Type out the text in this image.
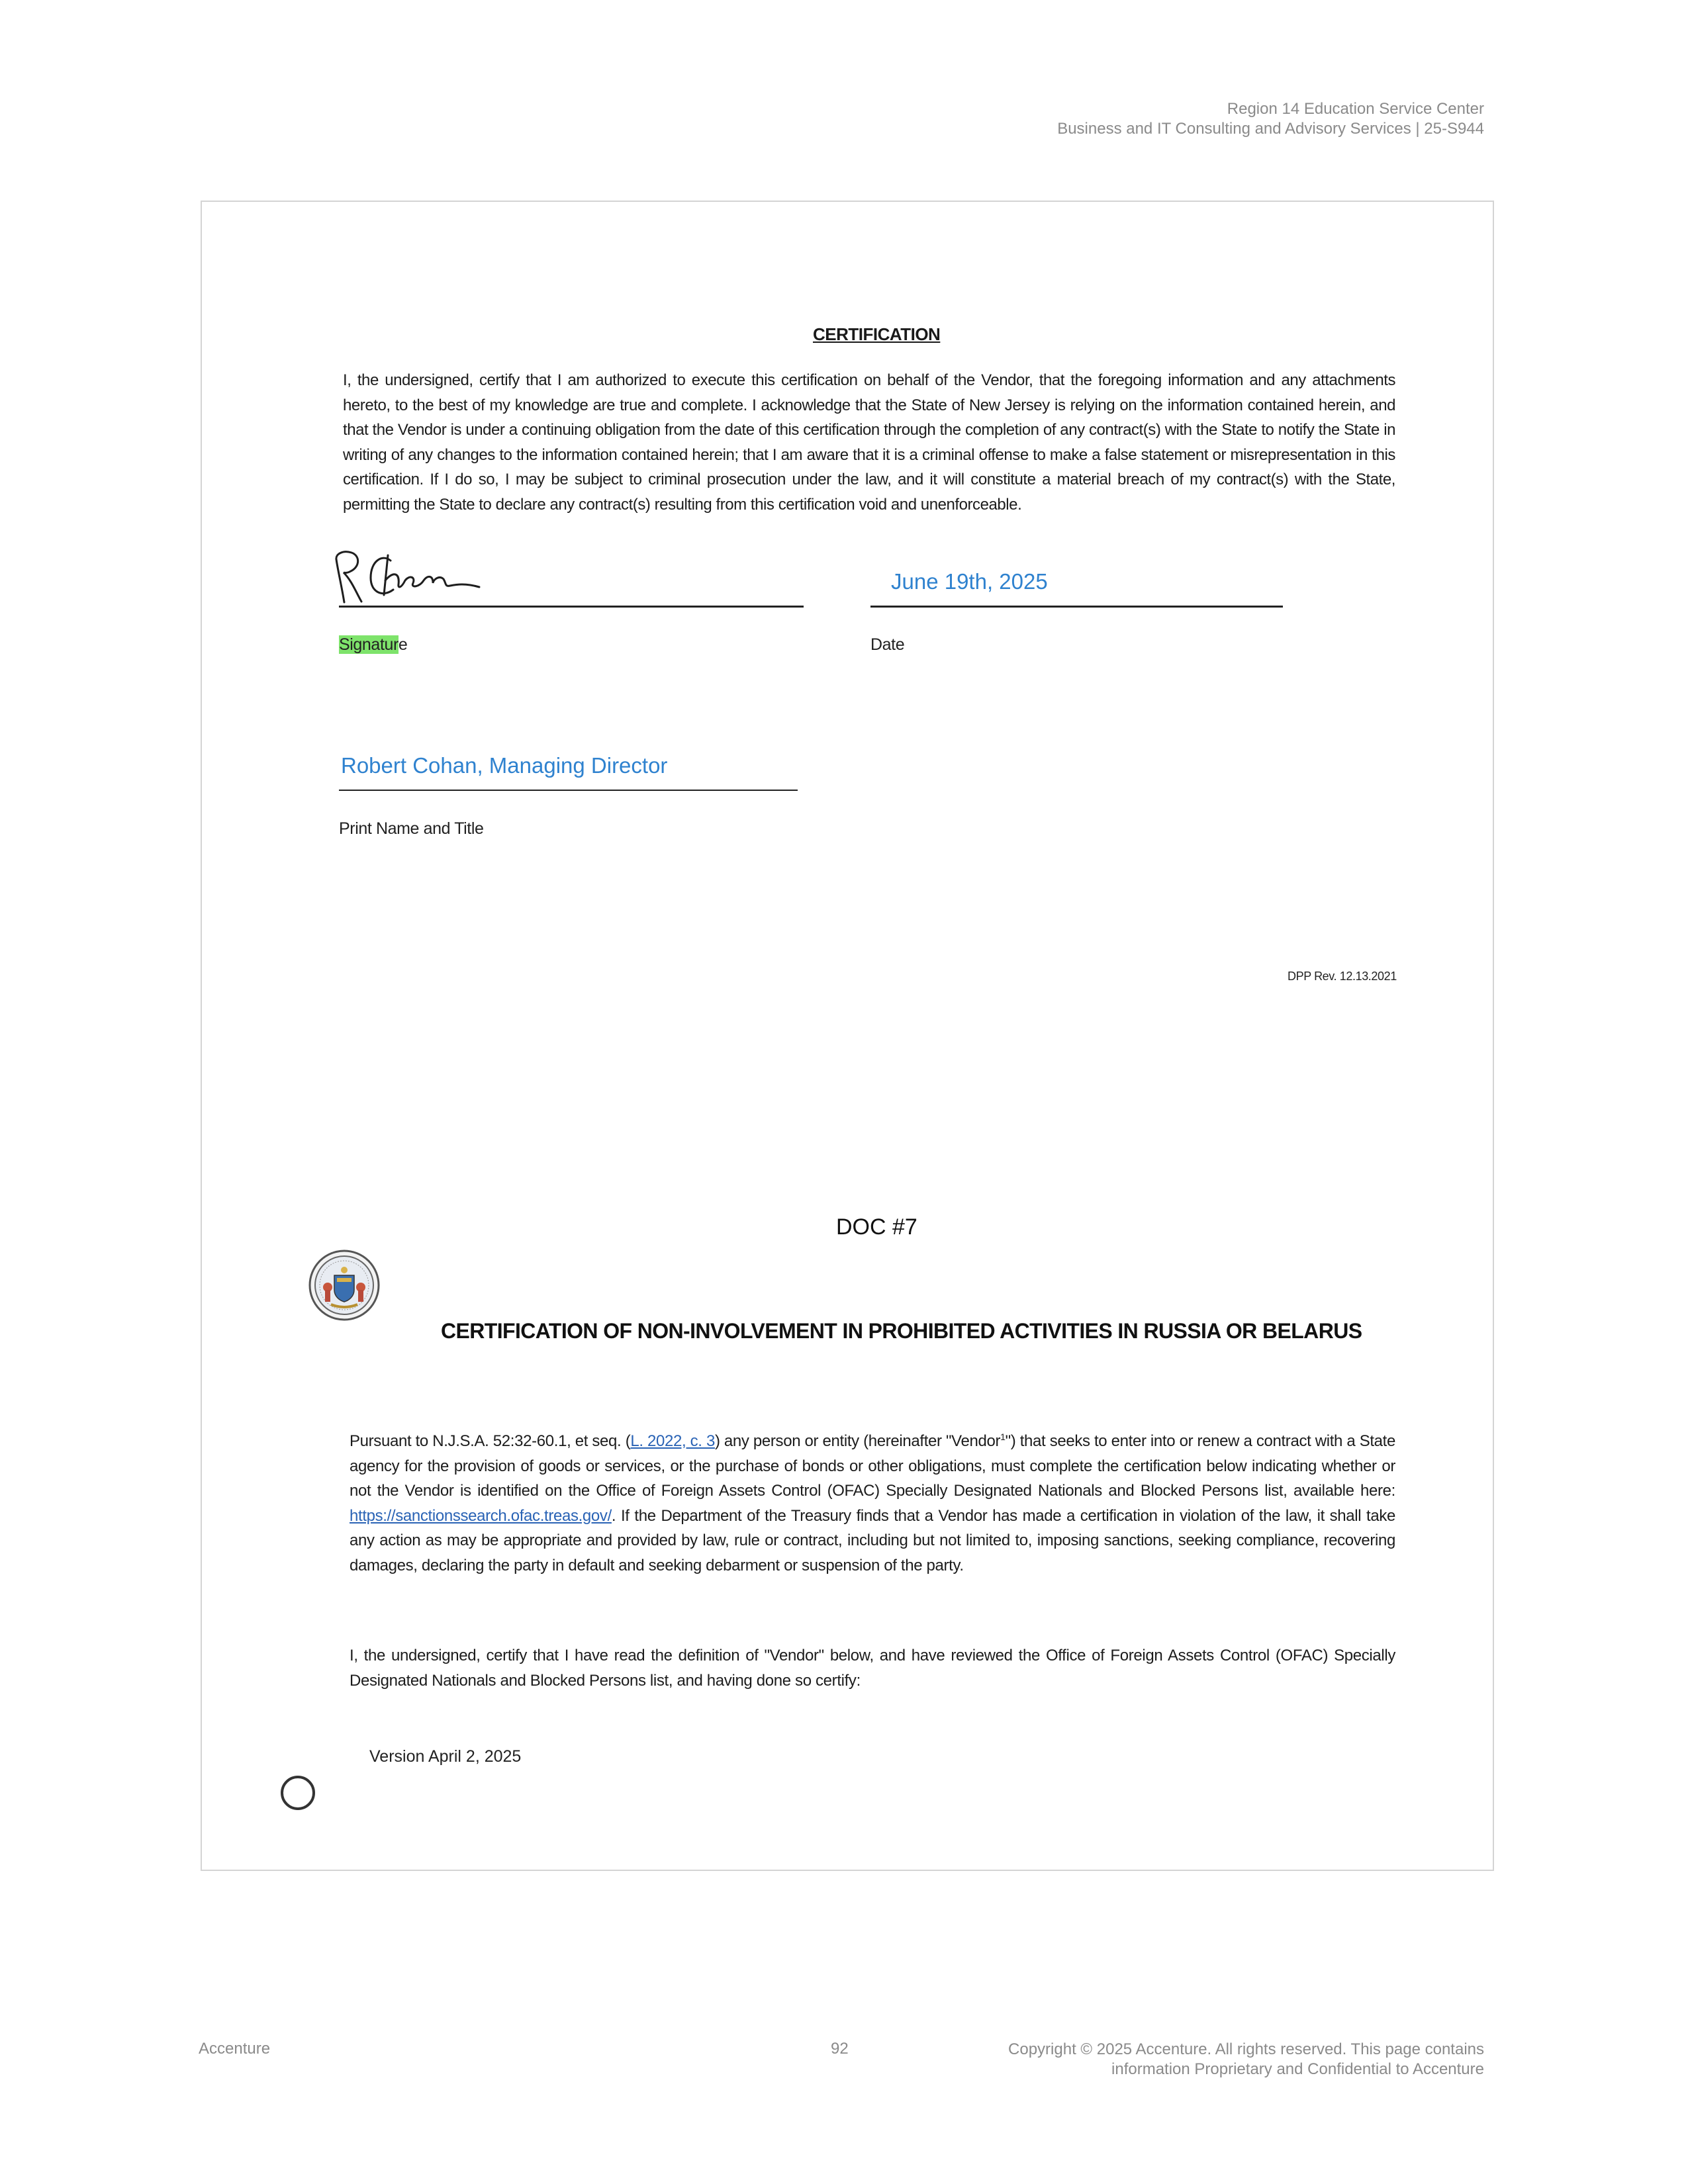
Region 14 Education Service Center
Business and IT Consulting and Advisory Services | 25-S944
CERTIFICATION
I, the undersigned, certify that I am authorized to execute this certification on behalf of the Vendor, that the foregoing information and any attachments hereto, to the best of my knowledge are true and complete. I acknowledge that the State of New Jersey is relying on the information contained herein, and that the Vendor is under a continuing obligation from the date of this certification through the completion of any contract(s) with the State to notify the State in writing of any changes to the information contained herein; that I am aware that it is a criminal offense to make a false statement or misrepresentation in this certification. If I do so, I may be subject to criminal prosecution under the law, and it will constitute a material breach of my contract(s) with the State, permitting the State to declare any contract(s) resulting from this certification void and unenforceable.
June 19th, 2025
Signature	Date
Robert Cohan, Managing Director
Print Name and Title
DPP Rev. 12.13.2021
DOC #7
CERTIFICATION OF NON-INVOLVEMENT IN PROHIBITED ACTIVITIES IN RUSSIA OR BELARUS
Pursuant to N.J.S.A. 52:32-60.1, et seq. (L. 2022, c. 3) any person or entity (hereinafter "Vendor$^1$") that seeks to enter into or renew a contract with a State agency for the provision of goods or services, or the purchase of bonds or other obligations, must complete the certification below indicating whether or not the Vendor is identified on the Office of Foreign Assets Control (OFAC) Specially Designated Nationals and Blocked Persons list, available here: https://sanctionssearch.ofac.treas.gov/. If the Department of the Treasury finds that a Vendor has made a certification in violation of the law, it shall take any action as may be appropriate and provided by law, rule or contract, including but not limited to, imposing sanctions, seeking compliance, recovering damages, declaring the party in default and seeking debarment or suspension of the party.
I, the undersigned, certify that I have read the definition of "Vendor" below, and have reviewed the Office of Foreign Assets Control (OFAC) Specially Designated Nationals and Blocked Persons list, and having done so certify:
Version April 2, 2025
Accenture	92	Copyright © 2025 Accenture. All rights reserved. This page contains
information Proprietary and Confidential to Accenture
